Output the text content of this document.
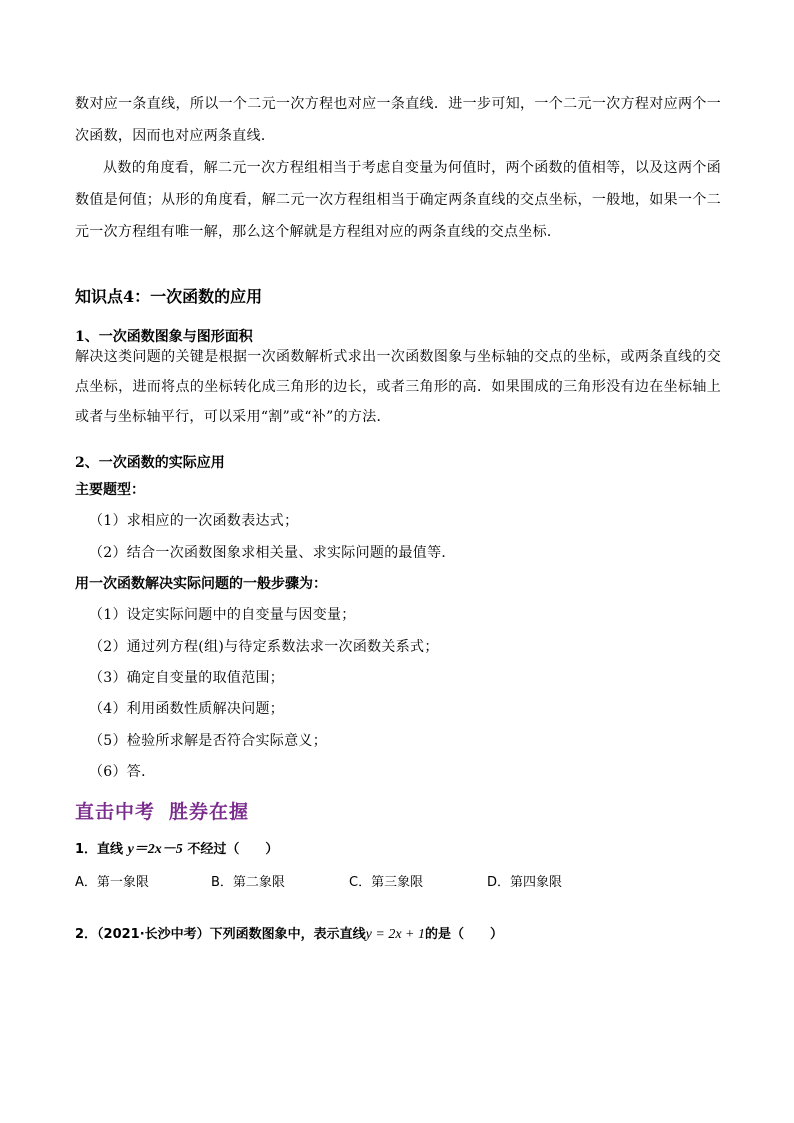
数对应一条直线，所以一个二元一次方程也对应一条直线．进一步可知，一个二元一次方程对应两个一次函数，因而也对应两条直线．

从数的角度看，解二元一次方程组相当于考虑自变量为何值时，两个函数的值相等，以及这两个函数值是何值；从形的角度看，解二元一次方程组相当于确定两条直线的交点坐标，一般地，如果一个二元一次方程组有唯一解，那么这个解就是方程组对应的两条直线的交点坐标．

知识点4：一次函数的应用
1、一次函数图象与图形面积

解决这类问题的关键是根据一次函数解析式求出一次函数图象与坐标轴的交点的坐标，或两条直线的交点坐标，进而将点的坐标转化成三角形的边长，或者三角形的高．如果围成的三角形没有边在坐标轴上或者与坐标轴平行，可以采用“割”或“补”的方法．

2、一次函数的实际应用

主要题型：

（1）求相应的一次函数表达式；

（2）结合一次函数图象求相关量、求实际问题的最值等．

用一次函数解决实际问题的一般步骤为：

（1）设定实际问题中的自变量与因变量；

（2）通过列方程(组)与待定系数法求一次函数关系式；

（3）确定自变量的取值范围；

（4）利用函数性质解决问题；

（5）检验所求解是否符合实际意义；

（6）答．

直击中考 胜券在握

1．直线 y＝2x－5 不经过（　　）

A．第一象限	B．第二象限	C．第三象限	D．第四象限

2．（2021·长沙中考）下列函数图象中，表示直线y = 2x + 1的是（　　）
